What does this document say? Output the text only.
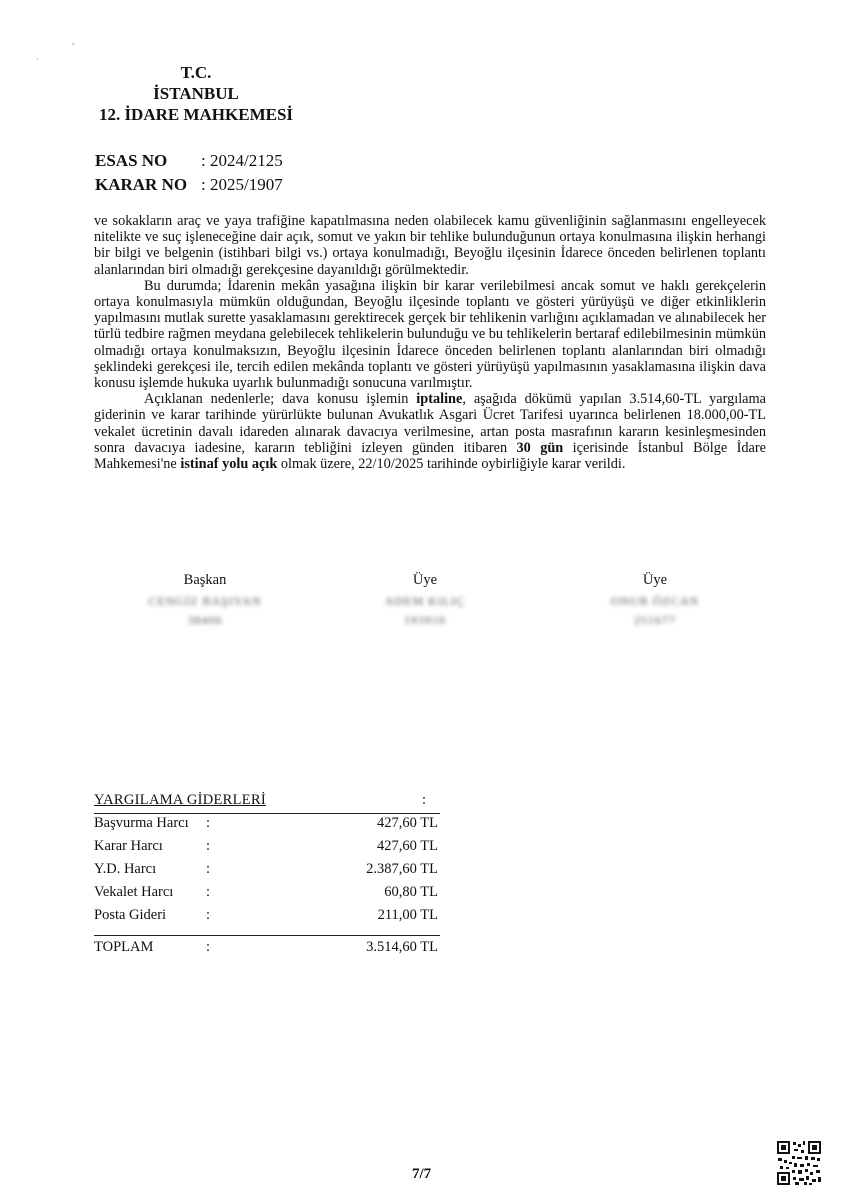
,
`	T.C.
İSTANBUL
12. İDARE MAHKEMESİ
ESAS NO : 2024/2125
KARAR NO : 2025/1907

ve sokakların araç ve yaya trafiğine kapatılmasına neden olabilecek kamu güvenliğinin sağlanmasını engelleyecek nitelikte ve suç işleneceğine dair açık, somut ve yakın bir tehlike bulunduğunun ortaya konulmasına ilişkin herhangi bir bilgi ve belgenin (istihbari bilgi vs.) ortaya konulmadığı, Beyoğlu ilçesinin İdarece önceden belirlenen toplantı alanlarından biri olmadığı gerekçesine dayanıldığı görülmektedir.

Bu durumda; İdarenin mekân yasağına ilişkin bir karar verilebilmesi ancak somut ve haklı gerekçelerin ortaya konulmasıyla mümkün olduğundan, Beyoğlu ilçesinde toplantı ve gösteri yürüyüşü ve diğer etkinliklerin yapılmasını mutlak surette yasaklamasını gerektirecek gerçek bir tehlikenin varlığını açıklamadan ve alınabilecek her türlü tedbire rağmen meydana gelebilecek tehlikelerin bulunduğu ve bu tehlikelerin bertaraf edilebilmesinin mümkün olmadığı ortaya konulmaksızın, Beyoğlu ilçesinin İdarece önceden belirlenen toplantı alanlarından biri olmadığı şeklindeki gerekçesi ile, tercih edilen mekânda toplantı ve gösteri yürüyüşü yapılmasının yasaklamasına ilişkin dava konusu işlemde hukuka uyarlık bulunmadığı sonucuna varılmıştır.

Açıklanan nedenlerle; dava konusu işlemin iptaline, aşağıda dökümü yapılan 3.514,60-TL yargılama giderinin ve karar tarihinde yürürlükte bulunan Avukatlık Asgari Ücret Tarifesi uyarınca belirlenen 18.000,00-TL vekalet ücretinin davalı idareden alınarak davacıya verilmesine, artan posta masrafının kararın kesinleşmesinden sonra davacıya iadesine, kararın tebliğini izleyen günden itibaren 30 gün içerisinde İstanbul Bölge İdare Mahkemesi'ne istinaf yolu açık olmak üzere, 22/10/2025 tarihinde oybirliğiyle karar verildi.

Başkan
CENGİZ BAŞIYAN
38406
Üye
ADEM KILIÇ
193916
Üye
ONUR ÖZCAN
251677
YARGILAMA GİDERLERİ	:
Başvurma Harcı :	427,60 TL
Karar Harcı	:	427,60 TL
Y.D. Harcı	:	2.387,60 TL
Vekalet Harcı :	60,80 TL
Posta Gideri	:	211,00 TL
TOPLAM	:	3.514,60 TL
7/7
